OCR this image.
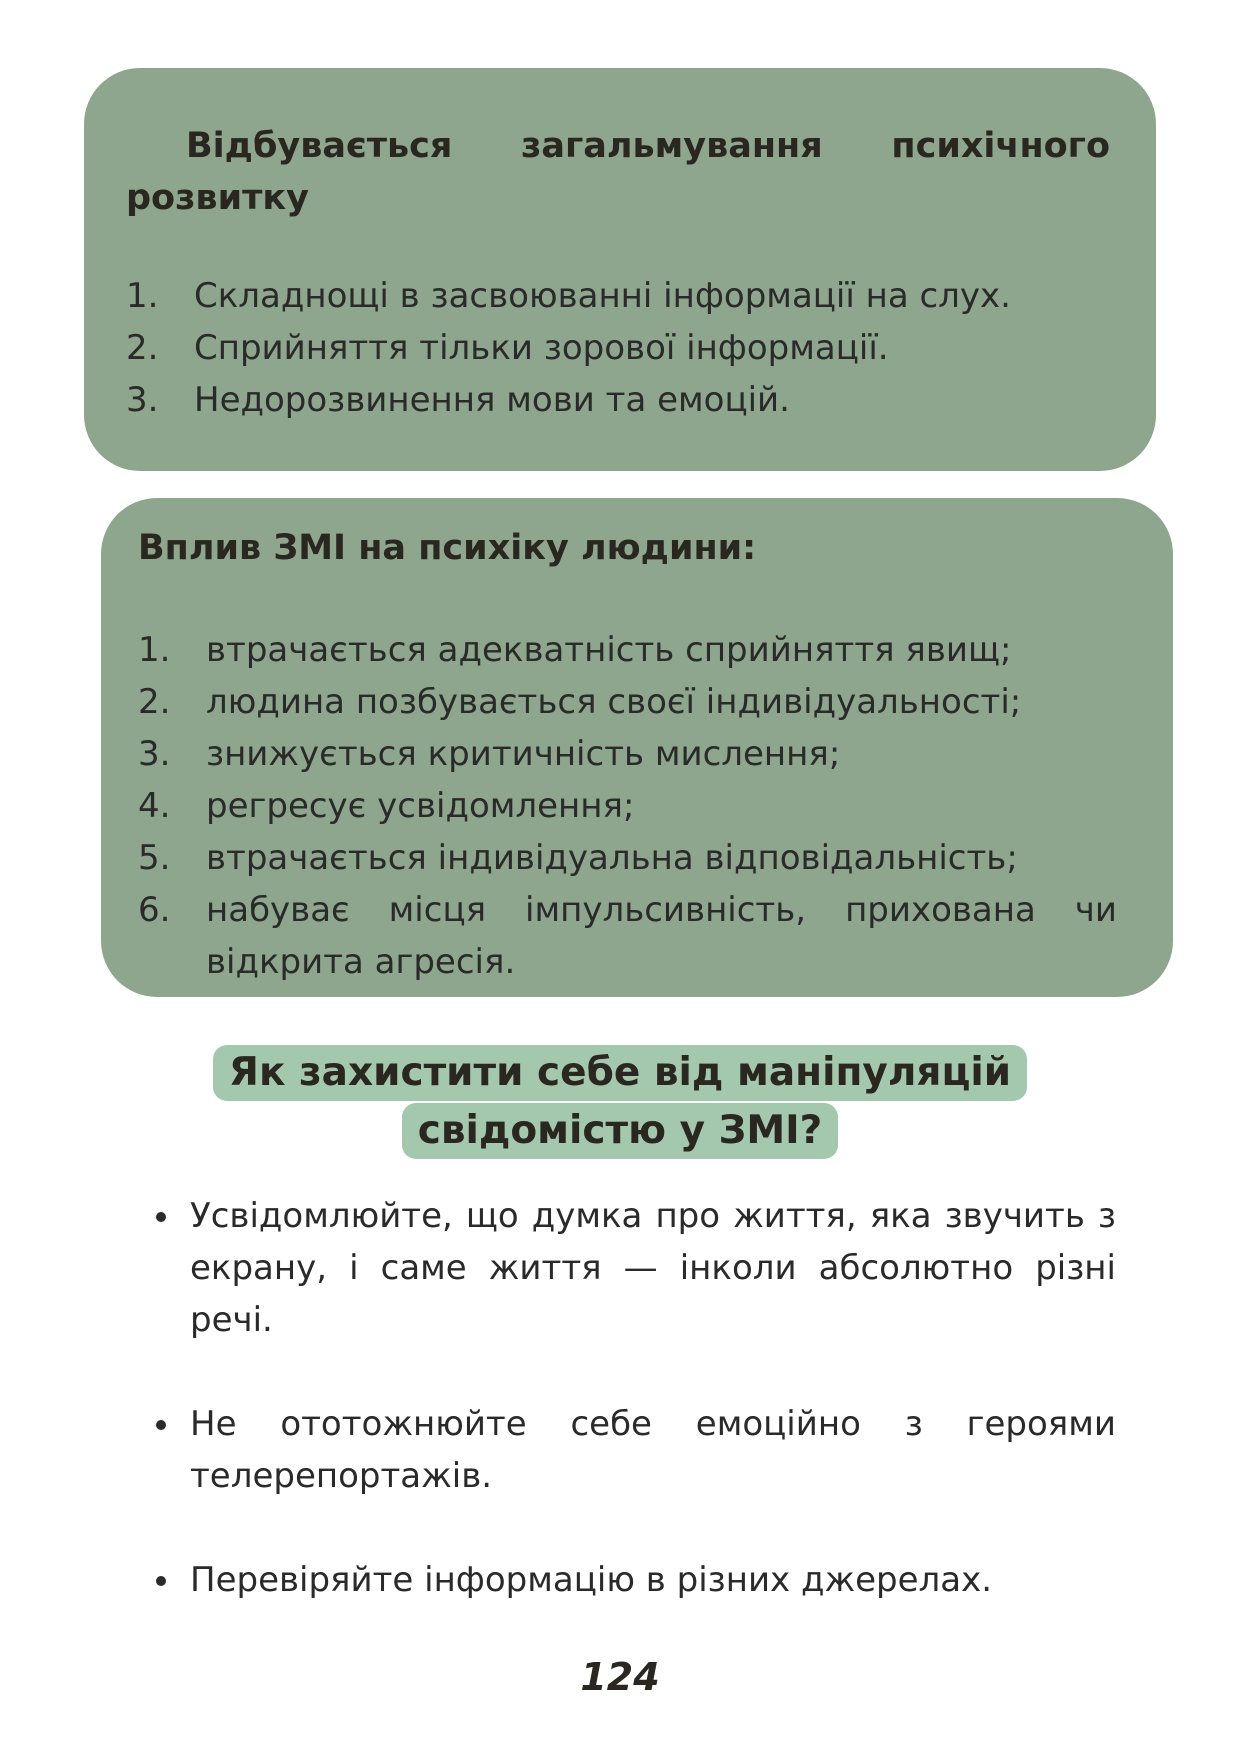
Відбувається загальмування психічного розвитку

1.	Складнощі в засвоюванні інформації на слух.
2.	Сприйняття тільки зорової інформації.
3.	Недорозвинення мови та емоцій.

Вплив ЗМІ на психіку людини:

1.	втрачається адекватність сприйняття явищ;
2.	людина позбувається своєї індивідуальності;
3.	знижується критичність мислення;
4.	регресує усвідомлення;
5.	втрачається індивідуальна відповідальність;
6.	набуває місця імпульсивність, прихована чи відкрита агресія.
Як захистити себе від маніпуляцій
свідомістю у ЗМІ?
Усвідомлюйте, що думка про життя, яка звучить з екрану, і саме життя — інколи абсолютно різні речі.
Не ототожнюйте себе емоційно з героями телерепортажів.
Перевіряйте інформацію в різних джерелах.
124
